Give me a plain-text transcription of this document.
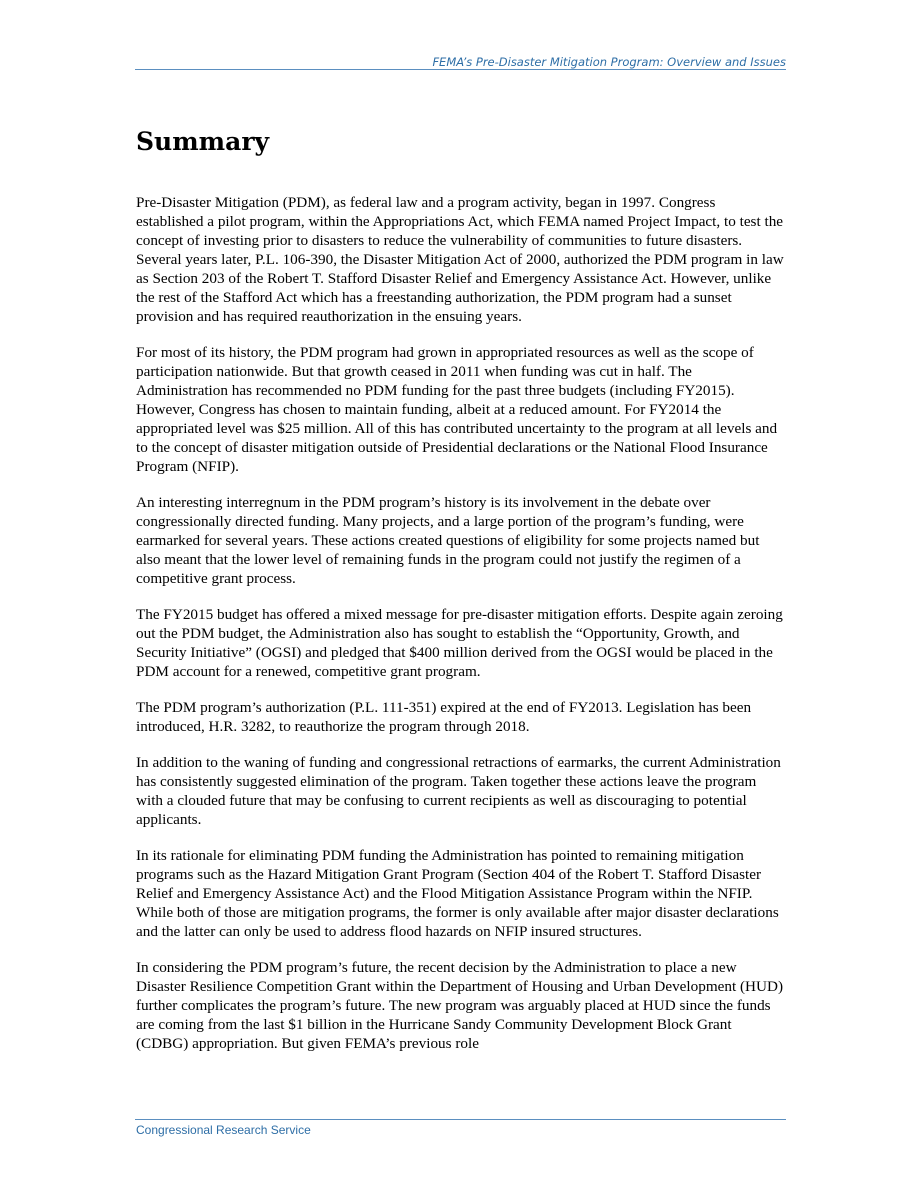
FEMA’s Pre-Disaster Mitigation Program: Overview and Issues
Summary

Pre-Disaster Mitigation (PDM), as federal law and a program activity, began in 1997. Congress established a pilot program, within the Appropriations Act, which FEMA named Project Impact, to test the concept of investing prior to disasters to reduce the vulnerability of communities to future disasters. Several years later, P.L. 106-390, the Disaster Mitigation Act of 2000, authorized the PDM program in law as Section 203 of the Robert T. Stafford Disaster Relief and Emergency Assistance Act. However, unlike the rest of the Stafford Act which has a freestanding authorization, the PDM program had a sunset provision and has required reauthorization in the ensuing years.

For most of its history, the PDM program had grown in appropriated resources as well as the scope of participation nationwide. But that growth ceased in 2011 when funding was cut in half. The Administration has recommended no PDM funding for the past three budgets (including FY2015). However, Congress has chosen to maintain funding, albeit at a reduced amount. For FY2014 the appropriated level was $25 million. All of this has contributed uncertainty to the program at all levels and to the concept of disaster mitigation outside of Presidential declarations or the National Flood Insurance Program (NFIP).

An interesting interregnum in the PDM program’s history is its involvement in the debate over congressionally directed funding. Many projects, and a large portion of the program’s funding, were earmarked for several years. These actions created questions of eligibility for some projects named but also meant that the lower level of remaining funds in the program could not justify the regimen of a competitive grant process.

The FY2015 budget has offered a mixed message for pre-disaster mitigation efforts. Despite again zeroing out the PDM budget, the Administration also has sought to establish the “Opportunity, Growth, and Security Initiative” (OGSI) and pledged that $400 million derived from the OGSI would be placed in the PDM account for a renewed, competitive grant program.

The PDM program’s authorization (P.L. 111-351) expired at the end of FY2013. Legislation has been introduced, H.R. 3282, to reauthorize the program through 2018.

In addition to the waning of funding and congressional retractions of earmarks, the current Administration has consistently suggested elimination of the program. Taken together these actions leave the program with a clouded future that may be confusing to current recipients as well as discouraging to potential applicants.

In its rationale for eliminating PDM funding the Administration has pointed to remaining mitigation programs such as the Hazard Mitigation Grant Program (Section 404 of the Robert T. Stafford Disaster Relief and Emergency Assistance Act) and the Flood Mitigation Assistance Program within the NFIP. While both of those are mitigation programs, the former is only available after major disaster declarations and the latter can only be used to address flood hazards on NFIP insured structures.

In considering the PDM program’s future, the recent decision by the Administration to place a new Disaster Resilience Competition Grant within the Department of Housing and Urban Development (HUD) further complicates the program’s future. The new program was arguably placed at HUD since the funds are coming from the last $1 billion in the Hurricane Sandy Community Development Block Grant (CDBG) appropriation. But given FEMA’s previous role

Congressional Research Service
